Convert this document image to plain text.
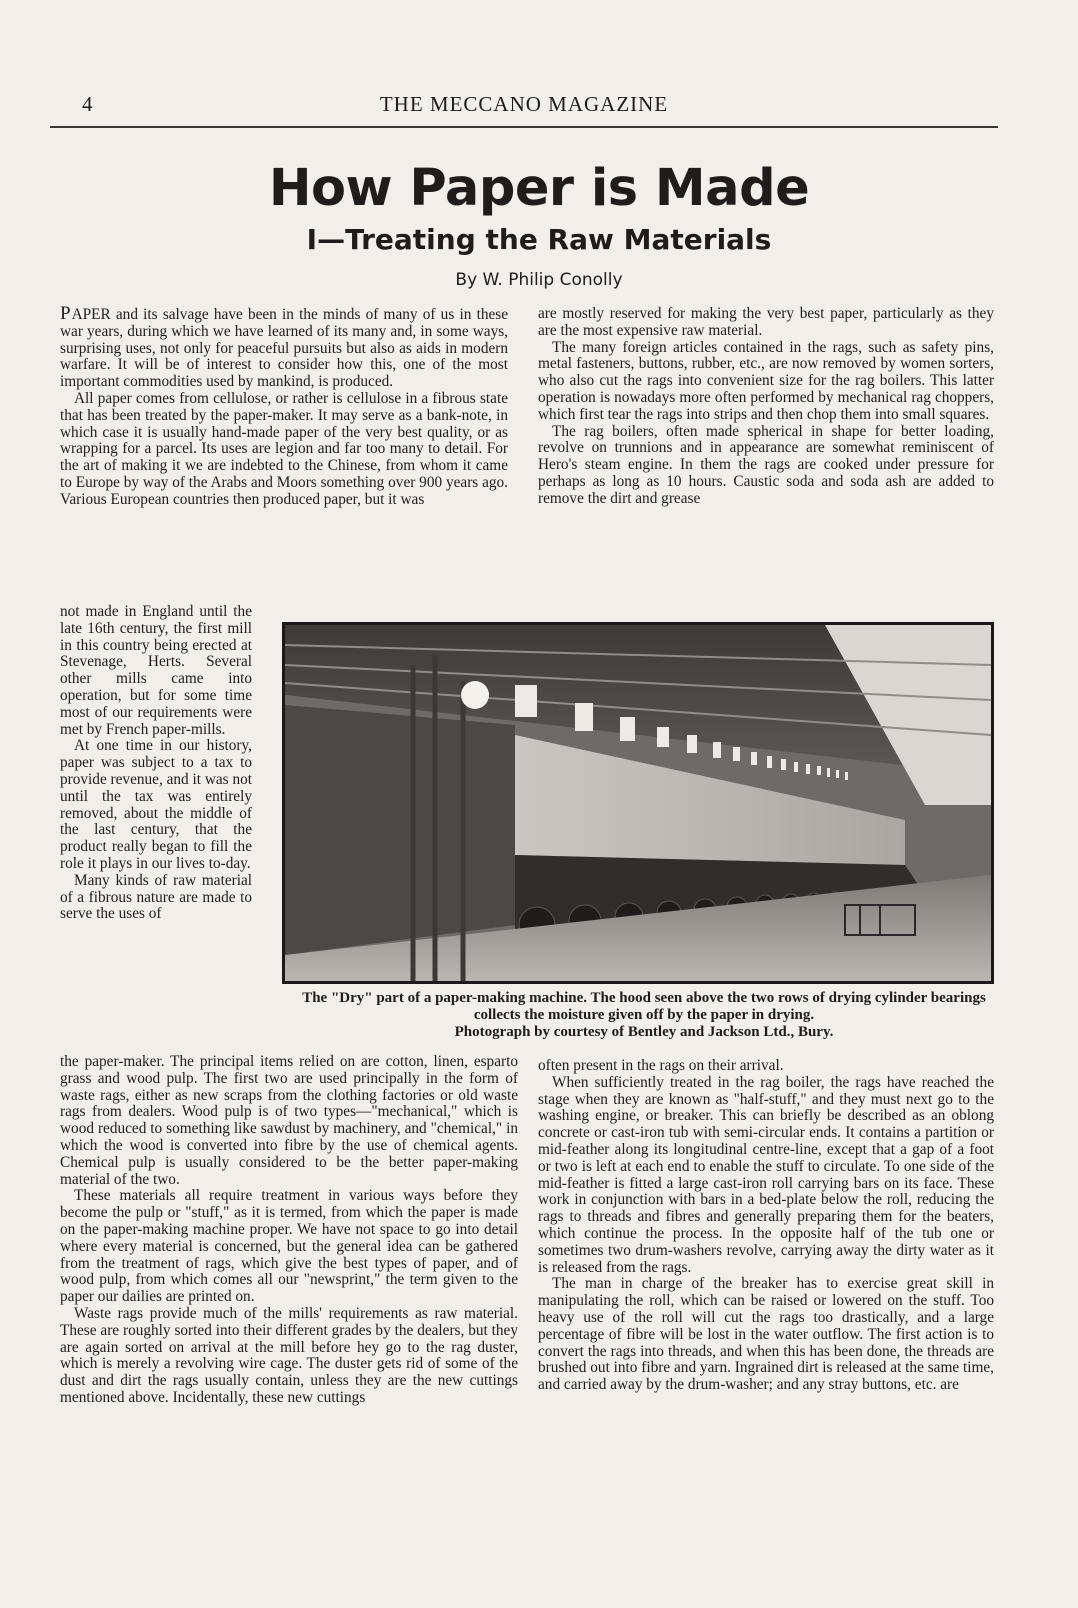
4	THE MECCANO MAGAZINE
How Paper is Made
I—Treating the Raw Materials
By W. Philip Conolly

PAPER and its salvage have been in the minds of many of us in these war years, during which we have learned of its many and, in some ways, surprising uses, not only for peaceful pursuits but also as aids in modern warfare. It will be of interest to consider how this, one of the most important commodities used by mankind, is produced.

All paper comes from cellulose, or rather is cellulose in a fibrous state that has been treated by the paper-maker. It may serve as a bank-note, in which case it is usually hand-made paper of the very best quality, or as wrapping for a parcel. Its uses are legion and far too many to detail. For the art of making it we are indebted to the Chinese, from whom it came to Europe by way of the Arabs and Moors something over 900 years ago. Various European countries then produced paper, but it was

not made in England until the late 16th century, the first mill in this country being erected at Stevenage, Herts. Several other mills came into operation, but for some time most of our requirements were met by French paper-mills.

At one time in our history, paper was subject to a tax to provide revenue, and it was not until the tax was entirely removed, about the middle of the last century, that the product really began to fill the role it plays in our lives to-day.

Many kinds of raw material of a fibrous nature are made to serve the uses of

the paper-maker. The principal items relied on are cotton, linen, esparto grass and wood pulp. The first two are used principally in the form of waste rags, either as new scraps from the clothing factories or old waste rags from dealers. Wood pulp is of two types—"mechanical," which is wood reduced to something like sawdust by machinery, and "chemical," in which the wood is converted into fibre by the use of chemical agents. Chemical pulp is usually considered to be the better paper-making material of the two.

These materials all require treatment in various ways before they become the pulp or "stuff," as it is termed, from which the paper is made on the paper-making machine proper. We have not space to go into detail where every material is concerned, but the general idea can be gathered from the treatment of rags, which give the best types of paper, and of wood pulp, from which comes all our "newsprint," the term given to the paper our dailies are printed on.

Waste rags provide much of the mills' requirements as raw material. These are roughly sorted into their different grades by the dealers, but they are again sorted on arrival at the mill before hey go to the rag duster, which is merely a revolving wire cage. The duster gets rid of some of the dust and dirt the rags usually contain, unless they are the new cuttings mentioned above. Incidentally, these new cuttings

are mostly reserved for making the very best paper, particularly as they are the most expensive raw material.

The many foreign articles contained in the rags, such as safety pins, metal fasteners, buttons, rubber, etc., are now removed by women sorters, who also cut the rags into convenient size for the rag boilers. This latter operation is nowadays more often performed by mechanical rag choppers, which first tear the rags into strips and then chop them into small squares.

The rag boilers, often made spherical in shape for better loading, revolve on trunnions and in appearance are somewhat reminiscent of Hero's steam engine. In them the rags are cooked under pressure for perhaps as long as 10 hours. Caustic soda and soda ash are added to remove the dirt and grease

often present in the rags on their arrival.

When sufficiently treated in the rag boiler, the rags have reached the stage when they are known as "half-stuff," and they must next go to the washing engine, or breaker. This can briefly be described as an oblong concrete or cast-iron tub with semi-circular ends. It contains a partition or mid-feather along its longitudinal centre-line, except that a gap of a foot or two is left at each end to enable the stuff to circulate. To one side of the mid-feather is fitted a large cast-iron roll carrying bars on its face. These work in conjunction with bars in a bed-plate below the roll, reducing the rags to threads and fibres and generally preparing them for the beaters, which continue the process. In the opposite half of the tub one or sometimes two drum-washers revolve, carrying away the dirty water as it is released from the rags.

The man in charge of the breaker has to exercise great skill in manipulating the roll, which can be raised or lowered on the stuff. Too heavy use of the roll will cut the rags too drastically, and a large percentage of fibre will be lost in the water outflow. The first action is to convert the rags into threads, and when this has been done, the threads are brushed out into fibre and yarn. Ingrained dirt is released at the same time, and carried away by the drum-washer; and any stray buttons, etc. are

The "Dry" part of a paper-making machine. The hood seen above the two rows of drying cylinder bearings collects the moisture given off by the paper in drying.
Photograph by courtesy of Bentley and Jackson Ltd., Bury.
